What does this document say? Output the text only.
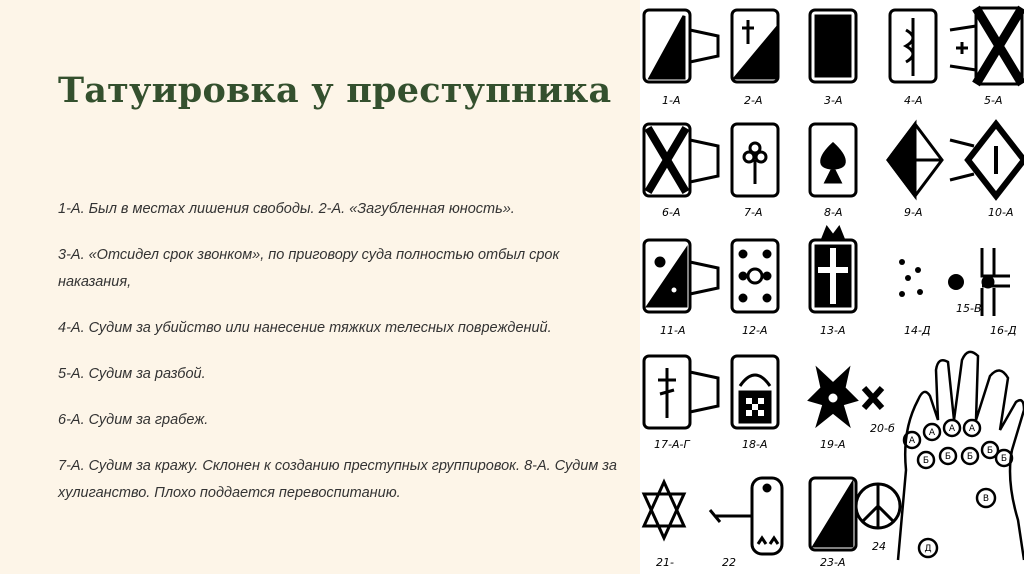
Татуировка у преступника

1-А. Был в местах лишения свободы. 2-А. «Загубленная юность».

3-А. «Отсидел срок звонком», по приговору суда полностью отбыл срок наказания,

4-А. Судим за убийство или нанесение тяжких телесных повреждений.

5-А. Судим за разбой.

6-А. Судим за грабеж.

7-А. Судим за кражу. Склонен к созданию преступных группировок. 8-А. Судим за хулиганство. Плохо поддается перевоспитанию.

1-А	2-А	3-А	4-А	5-А
6-А	7-А	8-А	9-А	10-А
11-А	12-А	13-А	14-Д
15-В
16-Д
17-А-Г	18-А	19-А
20-б
21-	22	23-А
24
А
А А А
Б Б Б
Б
Б
В
Д
